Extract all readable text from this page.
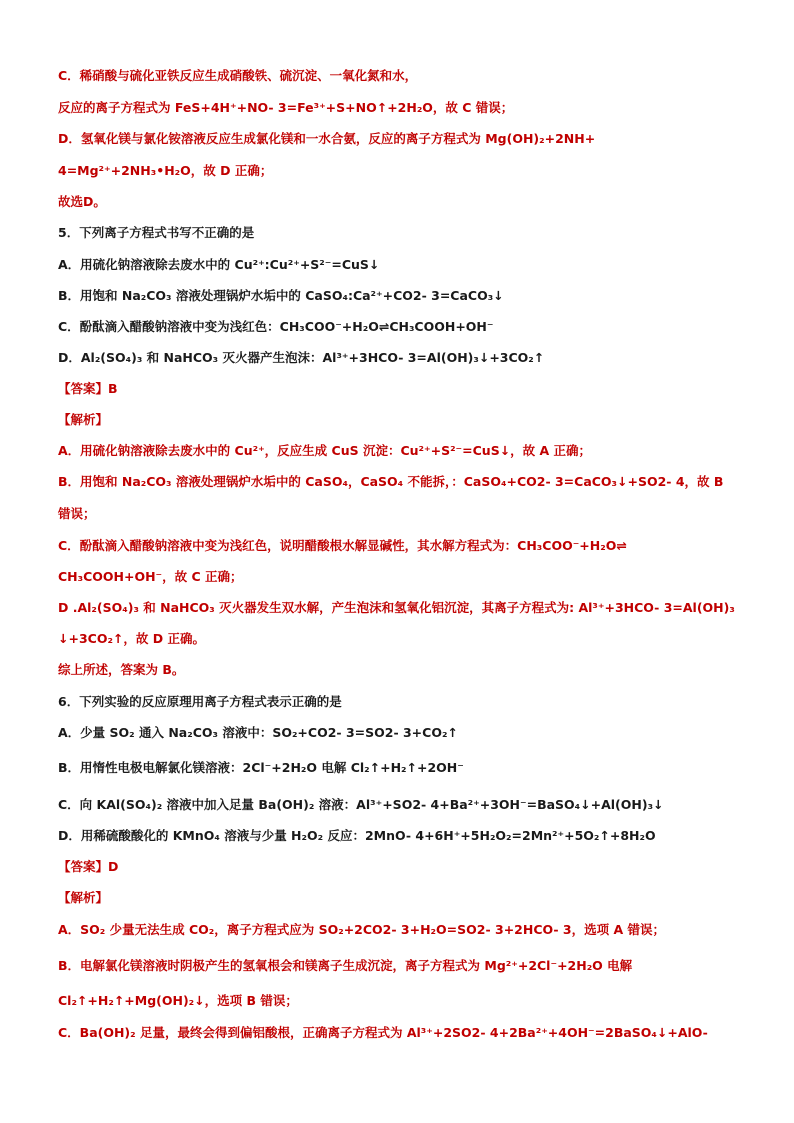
C．稀硝酸与硫化亚铁反应生成硝酸铁、硫沉淀、一氧化氮和水，
反应的离子方程式为 FeS+4H⁺+NO- 3=Fe³⁺+S+NO↑+2H₂O，故 C 错误；
D．氢氧化镁与氯化铵溶液反应生成氯化镁和一水合氨，反应的离子方程式为 Mg(OH)₂+2NH+
4=Mg²⁺+2NH₃•H₂O，故 D 正确；
故选D。
5．下列离子方程式书写不正确的是
A．用硫化钠溶液除去废水中的 Cu²⁺:Cu²⁺+S²⁻=CuS↓
B．用饱和 Na₂CO₃ 溶液处理锅炉水垢中的 CaSO₄:Ca²⁺+CO2- 3=CaCO₃↓
C．酚酞滴入醋酸钠溶液中变为浅红色：CH₃COO⁻+H₂O⇌CH₃COOH+OH⁻
D．Al₂(SO₄)₃ 和 NaHCO₃ 灭火器产生泡沫：Al³⁺+3HCO- 3=Al(OH)₃↓+3CO₂↑
【答案】B
【解析】
A．用硫化钠溶液除去废水中的 Cu²⁺，反应生成 CuS 沉淀：Cu²⁺+S²⁻=CuS↓，故 A 正确；
B．用饱和 Na₂CO₃ 溶液处理锅炉水垢中的 CaSO₄，CaSO₄ 不能拆，：CaSO₄+CO2- 3=CaCO₃↓+SO2- 4，故 B
错误；
C．酚酞滴入醋酸钠溶液中变为浅红色，说明醋酸根水解显碱性，其水解方程式为：CH₃COO⁻+H₂O⇌
CH₃COOH+OH⁻，故 C 正确；
D .Al₂(SO₄)₃ 和 NaHCO₃ 灭火器发生双水解，产生泡沫和氢氧化铝沉淀，其离子方程式为: Al³⁺+3HCO- 3=Al(OH)₃
↓+3CO₂↑，故 D 正确。
综上所述，答案为 B。
6．下列实验的反应原理用离子方程式表示正确的是
A．少量 SO₂ 通入 Na₂CO₃ 溶液中：SO₂+CO2- 3=SO2- 3+CO₂↑
B．用惰性电极电解氯化镁溶液：2Cl⁻+2H₂O 电解 Cl₂↑+H₂↑+2OH⁻
C．向 KAl(SO₄)₂ 溶液中加入足量 Ba(OH)₂ 溶液：Al³⁺+SO2- 4+Ba²⁺+3OH⁻=BaSO₄↓+Al(OH)₃↓
D．用稀硫酸酸化的 KMnO₄ 溶液与少量 H₂O₂ 反应：2MnO- 4+6H⁺+5H₂O₂=2Mn²⁺+5O₂↑+8H₂O
【答案】D
【解析】
A．SO₂ 少量无法生成 CO₂，离子方程式应为 SO₂+2CO2- 3+H₂O=SO2- 3+2HCO- 3，选项 A 错误；
B．电解氯化镁溶液时阴极产生的氢氧根会和镁离子生成沉淀，离子方程式为 Mg²⁺+2Cl⁻+2H₂O 电解
Cl₂↑+H₂↑+Mg(OH)₂↓，选项 B 错误；
C．Ba(OH)₂ 足量，最终会得到偏铝酸根，正确离子方程式为 Al³⁺+2SO2- 4+2Ba²⁺+4OH⁻=2BaSO₄↓+AlO-
